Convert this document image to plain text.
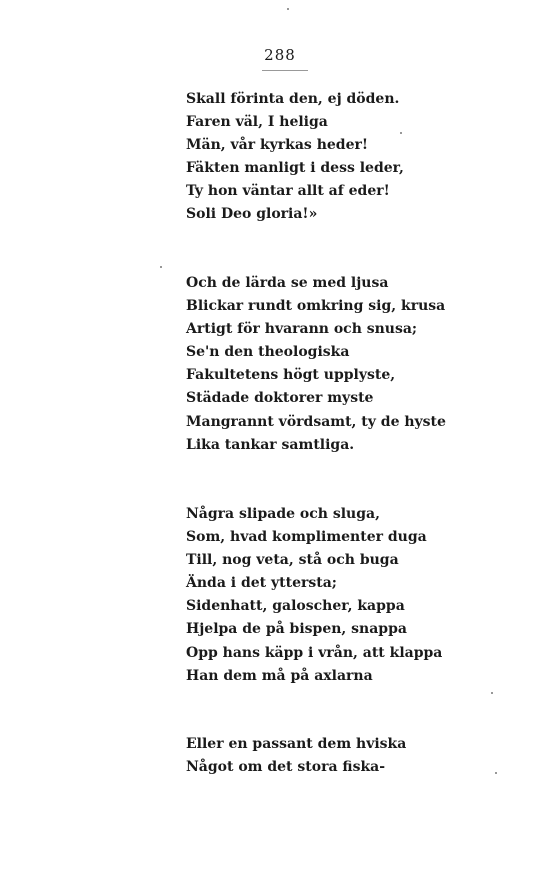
288
Skall förinta den, ej döden.
Faren väl, I heliga
Män, vår kyrkas heder!
Fäkten manligt i dess leder,
Ty hon väntar allt af eder!
Soli Deo gloria!»
Och de lärda se med ljusa
Blickar rundt omkring sig, krusa
Artigt för hvarann och snusa;
Se'n den theologiska
Fakultetens högt upplyste,
Städade doktorer myste
Mangrannt vördsamt, ty de hyste
Lika tankar samtliga.
Några slipade och sluga,
Som, hvad komplimenter duga
Till, nog veta, stå och buga
Ända i det yttersta;
Sidenhatt, galoscher, kappa
Hjelpa de på bispen, snappa
Opp hans käpp i vrån, att klappa
Han dem må på axlarna
Eller en passant dem hviska
Något om det stora fiska-
